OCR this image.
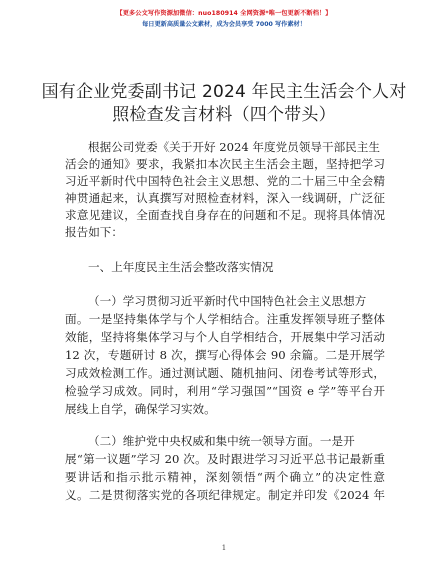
【更多公文写作资源加微信：nuo180914 全网资源*唯一包更新不断档！】
每日更新高质量公文素材，成为会员享受 7000 写作素材！
国有企业党委副书记 2024 年民主生活会个人对
照检查发言材料（四个带头）
根据公司党委《关于开好 2024 年度党员领导干部民主生
活会的通知》要求，我紧扣本次民主生活会主题，坚持把学习
习近平新时代中国特色社会主义思想、党的二十届三中全会精
神贯通起来，认真撰写对照检查材料，深入一线调研，广泛征
求意见建议，全面查找自身存在的问题和不足。现将具体情况
报告如下：
一、上年度民主生活会整改落实情况
（一）学习贯彻习近平新时代中国特色社会主义思想方
面。一是坚持集体学与个人学相结合。注重发挥领导班子整体
效能，坚持将集体学习与个人自学相结合，开展集中学习活动
12 次，专题研讨 8 次，撰写心得体会 90 余篇。二是开展学
习成效检测工作。通过测试题、随机抽问、闭卷考试等形式，
检验学习成效。同时，利用“学习强国”“国资 e 学”等平台开
展线上自学，确保学习实效。
（二）维护党中央权威和集中统一领导方面。一是开
展“第一议题”学习 20 次。及时跟进学习习近平总书记最新重
要讲话和指示批示精神，深刻领悟“两个确立”的决定性意
义。二是贯彻落实党的各项纪律规定。制定并印发《2024 年
1
